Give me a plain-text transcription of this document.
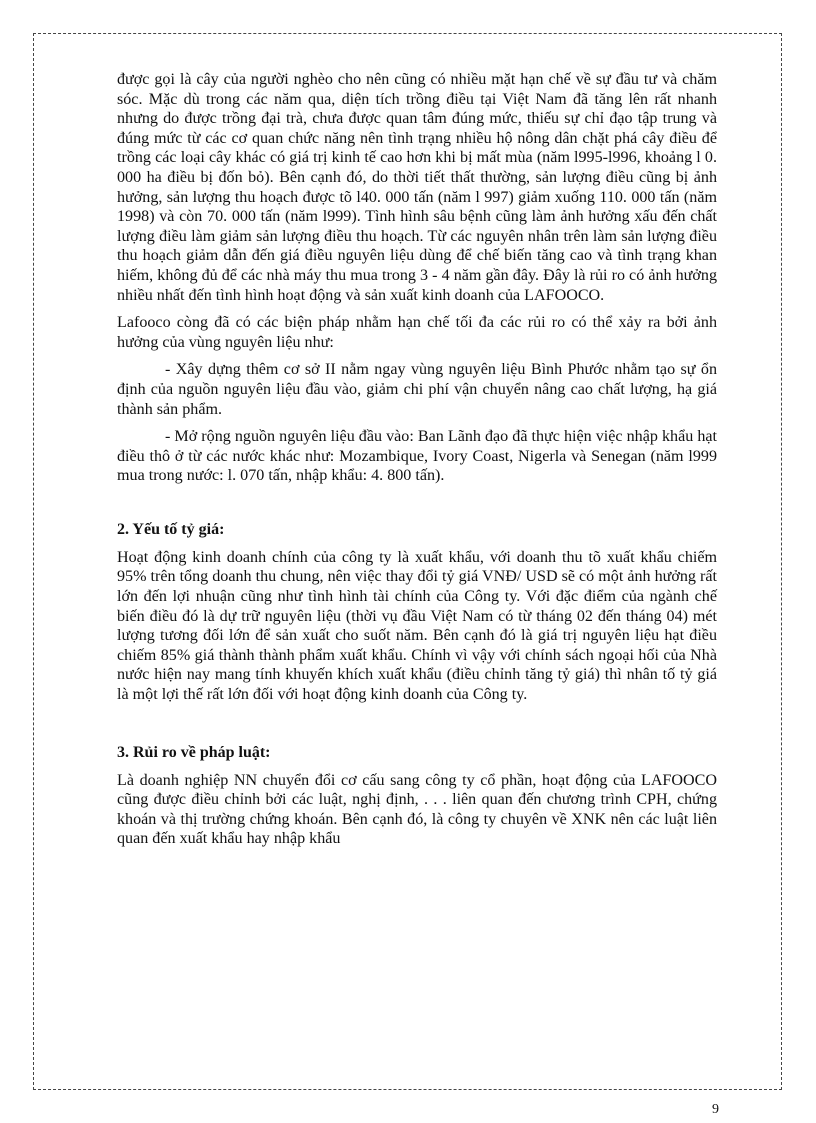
được gọi là cây của người nghèo cho nên cũng có nhiều mặt hạn chế về sự đầu tư và chăm sóc. Mặc dù trong các năm qua, diện tích trồng điều tại Việt Nam đã tăng lên rất nhanh nhưng do được trồng đại trà, chưa được quan tâm đúng mức, thiếu sự chỉ đạo tập trung và đúng mức từ các cơ quan chức năng nên tình trạng nhiều hộ nông dân chặt phá cây điều để trồng các loại cây khác có giá trị kinh tế cao hơn khi bị mất mùa (năm l995-l996, khoảng l 0. 000 ha điều bị đốn bỏ). Bên cạnh đó, do thời tiết thất thường, sản lượng điều cũng bị ảnh hưởng, sản lượng thu hoạch được tõ l40. 000 tấn (năm l 997) giảm xuống 110. 000 tấn (năm 1998) và còn 70. 000 tấn (năm l999). Tình hình sâu bệnh cũng làm ảnh hưởng xấu đến chất lượng điều làm giảm sản lượng điều thu hoạch. Từ các nguyên nhân trên làm sản lượng điều thu hoạch giảm dẫn đến giá điều nguyên liệu dùng để chế biến tăng cao và tình trạng khan hiếm, không đủ để các nhà máy thu mua trong 3 - 4 năm gần đây. Đây là rủi ro có ảnh hưởng nhiều nhất đến tình hình hoạt động và sản xuất kinh doanh của LAFOOCO.

Lafooco còng đã có các biện pháp nhằm hạn chế tối đa các rủi ro có thể xảy ra bởi ảnh hưởng của vùng nguyên liệu như:

- Xây dựng thêm cơ sở II nằm ngay vùng nguyên liệu Bình Phước nhằm tạo sự ổn định của nguồn nguyên liệu đầu vào, giảm chi phí vận chuyển nâng cao chất lượng, hạ giá thành sản phẩm.

- Mở rộng nguồn nguyên liệu đầu vào: Ban Lãnh đạo đã thực hiện việc nhập khẩu hạt điều thô ở từ các nước khác như: Mozambique, Ivory Coast, Nigerla và Senegan (năm l999 mua trong nước: l. 070 tấn, nhập khẩu: 4. 800 tấn).

2. Yếu tố tỷ giá:

Hoạt động kinh doanh chính của công ty là xuất khẩu, với doanh thu tõ xuất khẩu chiếm 95% trên tổng doanh thu chung, nên việc thay đổi tỷ giá VNĐ/ USD sẽ có một ảnh hưởng rất lớn đến lợi nhuận cũng như tình hình tài chính của Công ty. Với đặc điểm của ngành chế biến điều đó là dự trữ nguyên liệu (thời vụ đầu Việt Nam có từ tháng 02 đến tháng 04) mét lượng tương đối lớn để sản xuất cho suốt năm. Bên cạnh đó là giá trị nguyên liệu hạt điều chiếm 85% giá thành thành phẩm xuất khẩu. Chính vì vậy với chính sách ngoại hối của Nhà nước hiện nay mang tính khuyến khích xuất khẩu (điều chỉnh tăng tỷ giá) thì nhân tố tỷ giá là một lợi thế rất lớn đối với hoạt động kinh doanh của Công ty.

3. Rủi ro về pháp luật:

Là doanh nghiệp NN chuyển đổi cơ cấu sang công ty cổ phần, hoạt động của LAFOOCO cũng được điều chỉnh bởi các luật, nghị định, . . . liên quan đến chương trình CPH, chứng khoán và thị trường chứng khoán. Bên cạnh đó, là công ty chuyên về XNK nên các luật liên quan đến xuất khẩu hay nhập khẩu

9
